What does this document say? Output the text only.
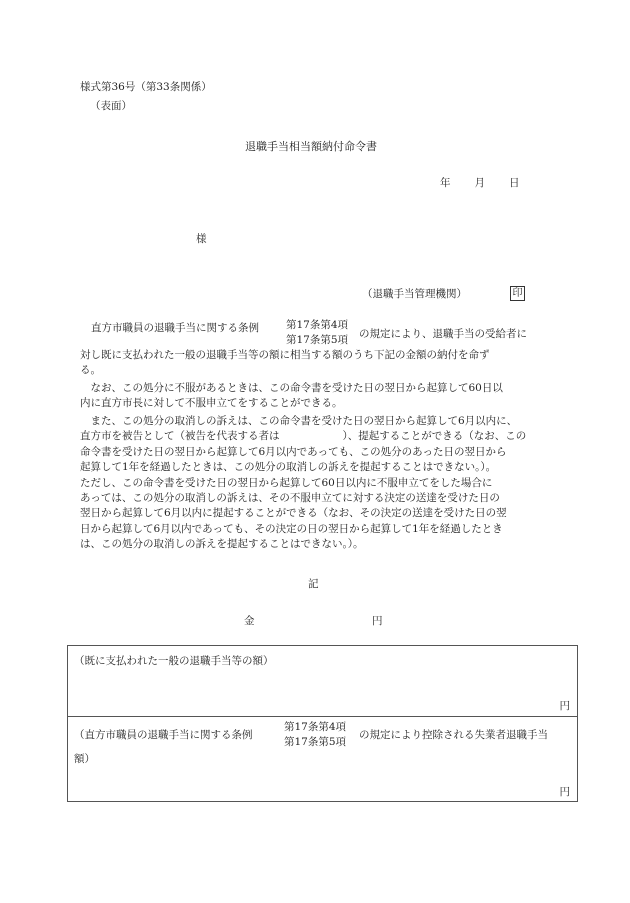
様式第36号（第33条関係）
（表面）
退職手当相当額納付命令書
年 月 日
様
（退職手当管理機関）	印
直方市職員の退職手当に関する条例	第17条第4項
第17条第5項 の規定により、退職手当の受給者に
対し既に支払われた一般の退職手当等の額に相当する額のうち下記の金額の納付を命ず
る。
　なお、この処分に不服があるときは、この命令書を受けた日の翌日から起算して60日以
内に直方市長に対して不服申立てをすることができる。
　また、この処分の取消しの訴えは、この命令書を受けた日の翌日から起算して6月以内に、
直方市を被告として（被告を代表する者は　　　　　　）、提起することができる（なお、この
命令書を受けた日の翌日から起算して6月以内であっても、この処分のあった日の翌日から
起算して1年を経過したときは、この処分の取消しの訴えを提起することはできない。）。
ただし、この命令書を受けた日の翌日から起算して60日以内に不服申立てをした場合に
あっては、この処分の取消しの訴えは、その不服申立てに対する決定の送達を受けた日の
翌日から起算して6月以内に提起することができる（なお、その決定の送達を受けた日の翌
日から起算して6月以内であっても、その決定の日の翌日から起算して1年を経過したとき
は、この処分の取消しの訴えを提起することはできない。）。
記
金	円
（既に支払われた一般の退職手当等の額）
円
（直方市職員の退職手当に関する条例
第17条第4項
第17条第5項
の規定により控除される失業者退職手当
額）
円
